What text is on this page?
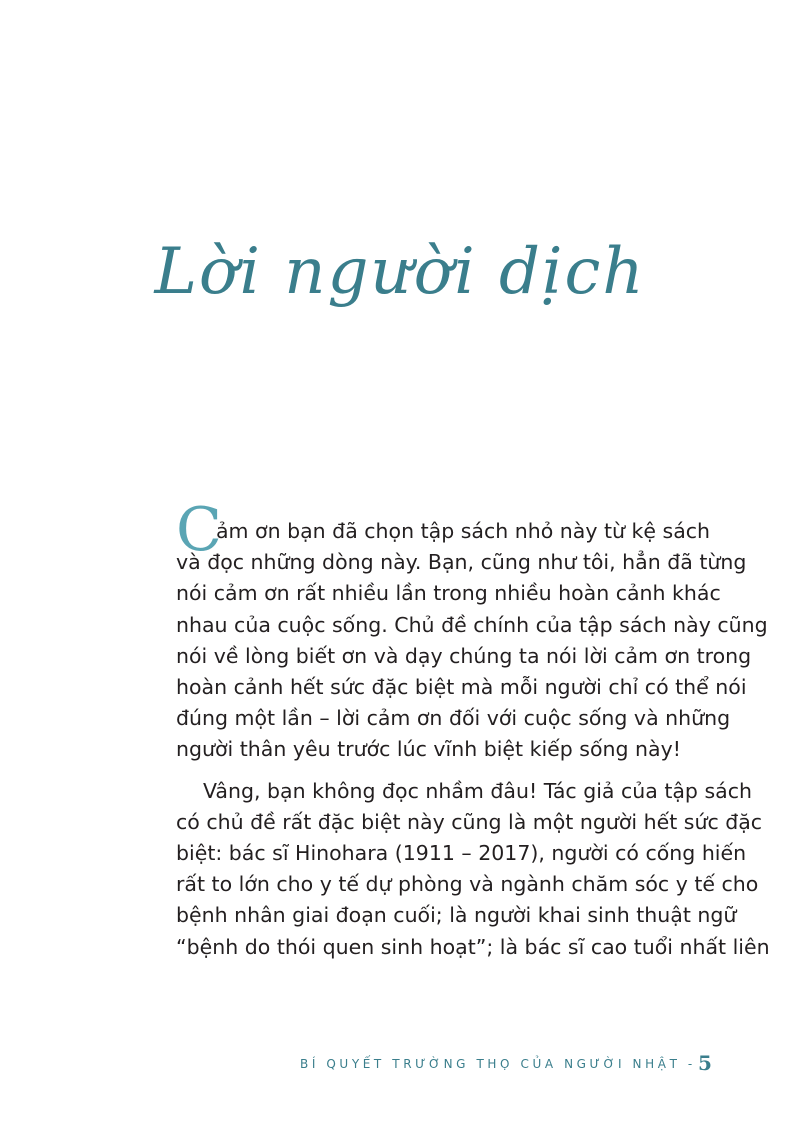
Lời người dịch

C
ảm ơn bạn đã chọn tập sách nhỏ này từ kệ sách
và đọc những dòng này. Bạn, cũng như tôi, hẳn đã từng
nói cảm ơn rất nhiều lần trong nhiều hoàn cảnh khác
nhau của cuộc sống. Chủ đề chính của tập sách này cũng
nói về lòng biết ơn và dạy chúng ta nói lời cảm ơn trong
hoàn cảnh hết sức đặc biệt mà mỗi người chỉ có thể nói
đúng một lần – lời cảm ơn đối với cuộc sống và những
người thân yêu trước lúc vĩnh biệt kiếp sống này!

Vâng, bạn không đọc nhầm đâu! Tác giả của tập sách
có chủ đề rất đặc biệt này cũng là một người hết sức đặc
biệt: bác sĩ Hinohara (1911 – 2017), người có cống hiến
rất to lớn cho y tế dự phòng và ngành chăm sóc y tế cho
bệnh nhân giai đoạn cuối; là người khai sinh thuật ngữ
“bệnh do thói quen sinh hoạt”; là bác sĩ cao tuổi nhất liên

BÍ QUYẾT TRƯỜNG THỌ CỦA NGƯỜI NHẬT - 5
